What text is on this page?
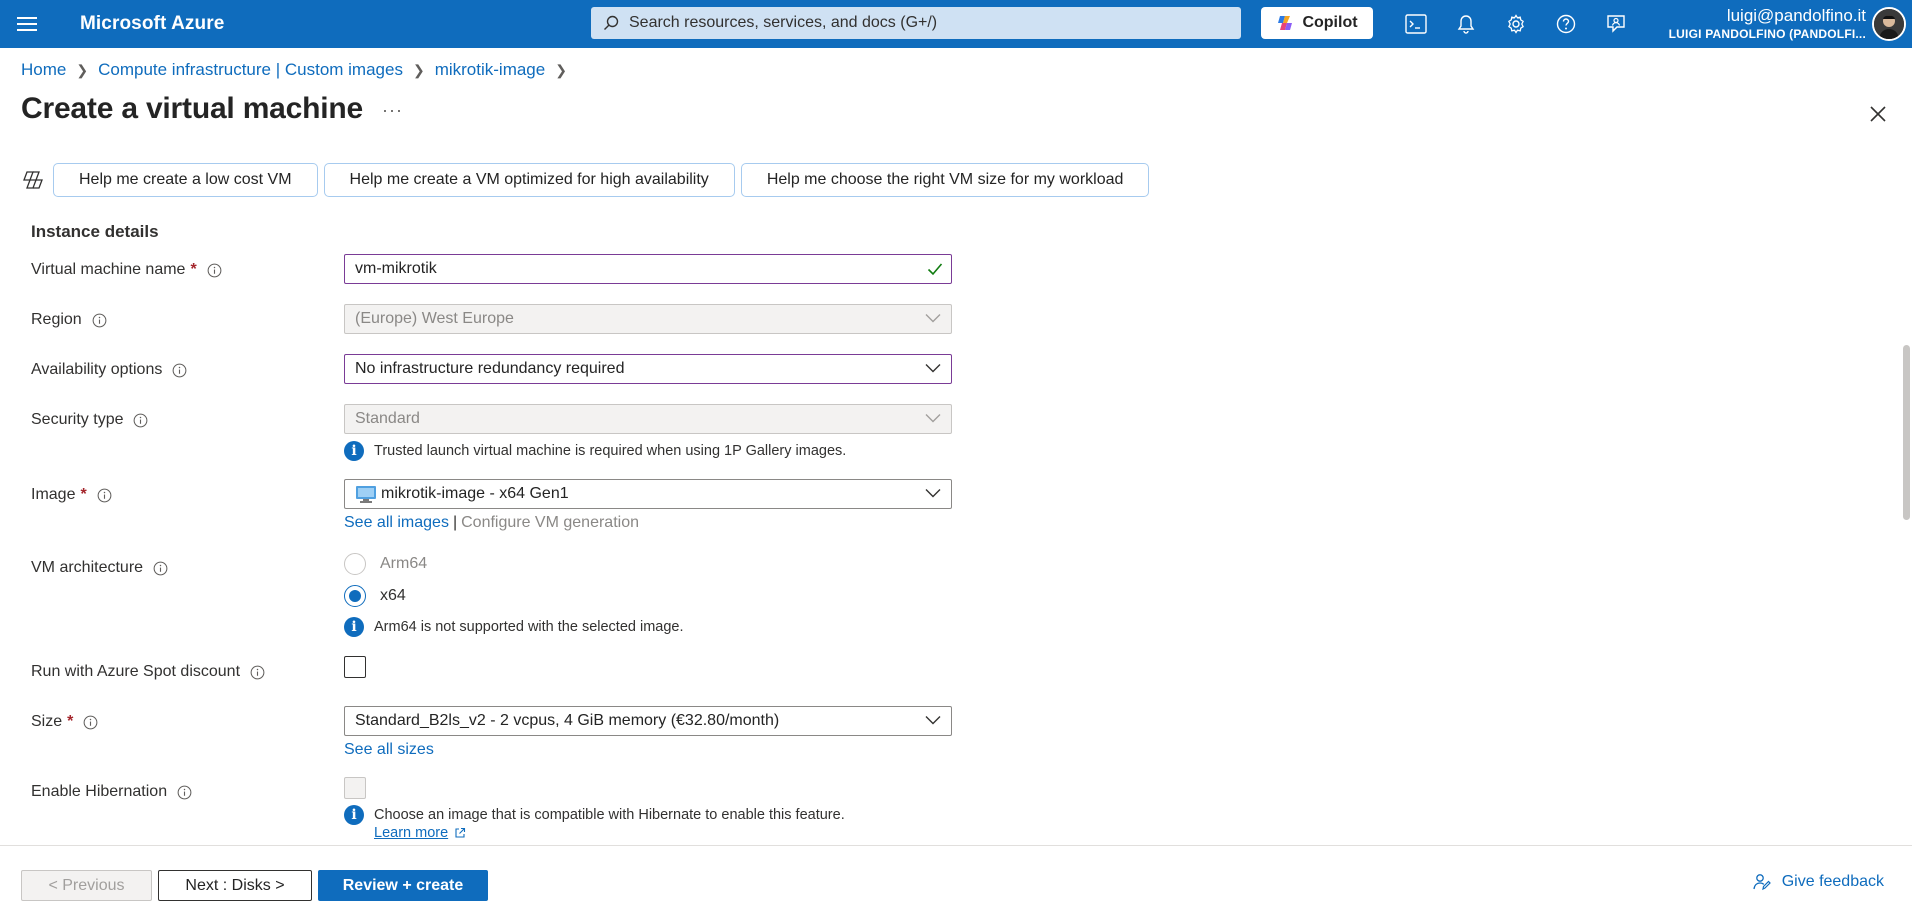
Microsoft Azure	Search resources, services, and docs (G+/)	Copilot	luigi@pandolfino.it
LUIGI PANDOLFINO (PANDOLFI...
Home ❯ Compute infrastructure | Custom images ❯ mikrotik-image ❯
Create a virtual machine ···
Help me create a low cost VM	Help me create a VM optimized for high availability	Help me choose the right VM size for my workload
Instance details
Virtual machine name *	vm-mikrotik
Region	(Europe) West Europe
Availability options	No infrastructure redundancy required
Security type	Standard
i	Trusted launch virtual machine is required when using 1P Gallery images.
Image *	mikrotik-image - x64 Gen1
See all images | Configure VM generation
VM architecture	Arm64
x64
i	Arm64 is not supported with the selected image.
Run with Azure Spot discount
Size *	Standard_B2ls_v2 - 2 vcpus, 4 GiB memory (€32.80/month)
See all sizes
Enable Hibernation
i	Choose an image that is compatible with Hibernate to enable this feature.
Learn more
< Previous	Next : Disks >	Review + create	Give feedback
